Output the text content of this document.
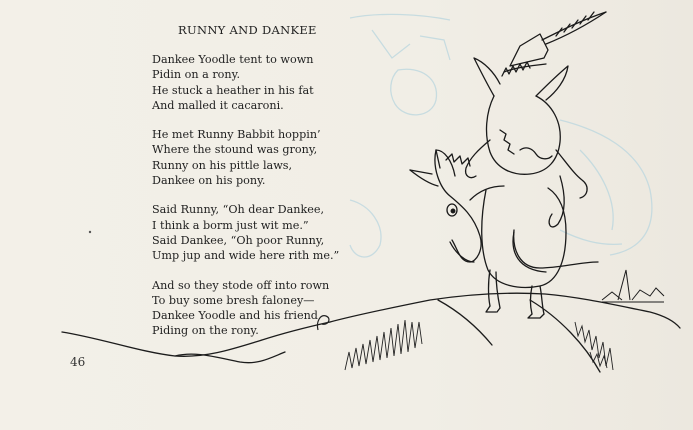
RUNNY AND DANKEE
Dankee Yoodle tent to wown
Pidin on a rony.
He stuck a heather in his fat
And malled it cacaroni.
He met Runny Babbit hoppin’
Where the stound was grony,
Runny on his pittle laws,
Dankee on his pony.
Said Runny, “Oh dear Dankee,
I think a borm just wit me.”
Said Dankee, “Oh poor Runny,
Ump jup and wide here rith me.”
And so they stode off into rown
To buy some bresh faloney—
Dankee Yoodle and his friend
Piding on the rony.
46
